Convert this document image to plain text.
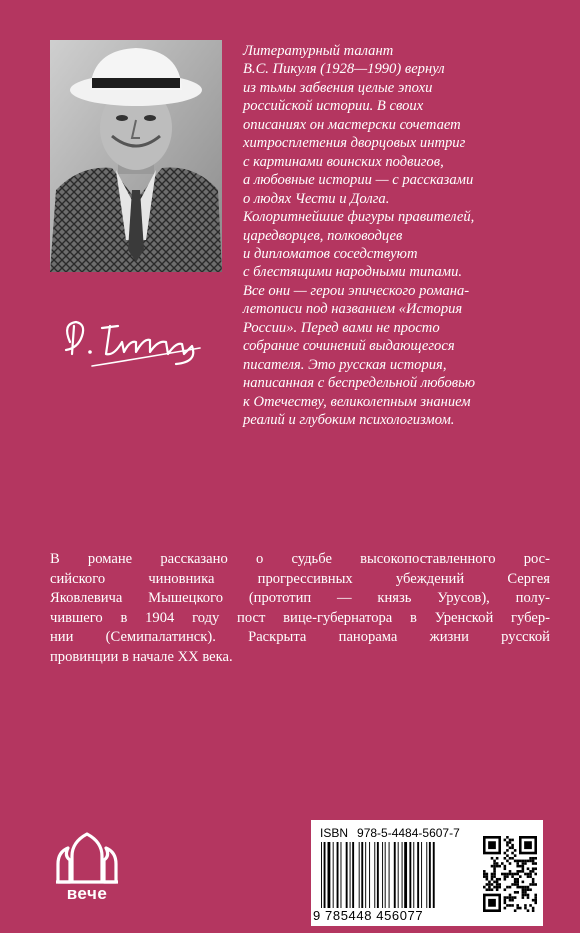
Литературный талант
В.С. Пикуля (1928—1990) вернул
из тьмы забвения целые эпохи
российской истории. В своих
описаниях он мастерски сочетает
хитросплетения дворцовых интриг
с картинами воинских подвигов,
а любовные истории — с рассказами
о людях Чести и Долга.
Колоритнейшие фигуры правителей,
царедворцев, полководцев
и дипломатов соседствуют
с блестящими народными типами.
Все они — герои эпического романа-
летописи под названием «История
России». Перед вами не просто
собрание сочинений выдающегося
писателя. Это русская история,
написанная с беспредельной любовью
к Отечеству, великолепным знанием
реалий и глубоким психологизмом.
В романе рассказано о судьбе высокопоставленного рос-
сийского чиновника прогрессивных убеждений Сергея
Яковлевича Мышецкого (прототип — князь Урусов), полу-
чившего в 1904 году пост вице-губернатора в Уренской губер-
нии (Семипалатинск). Раскрыта панорама жизни русской
провинции в начале XX века.
вече
ISBN 978-5-4484-5607-7
9 785448 456077
